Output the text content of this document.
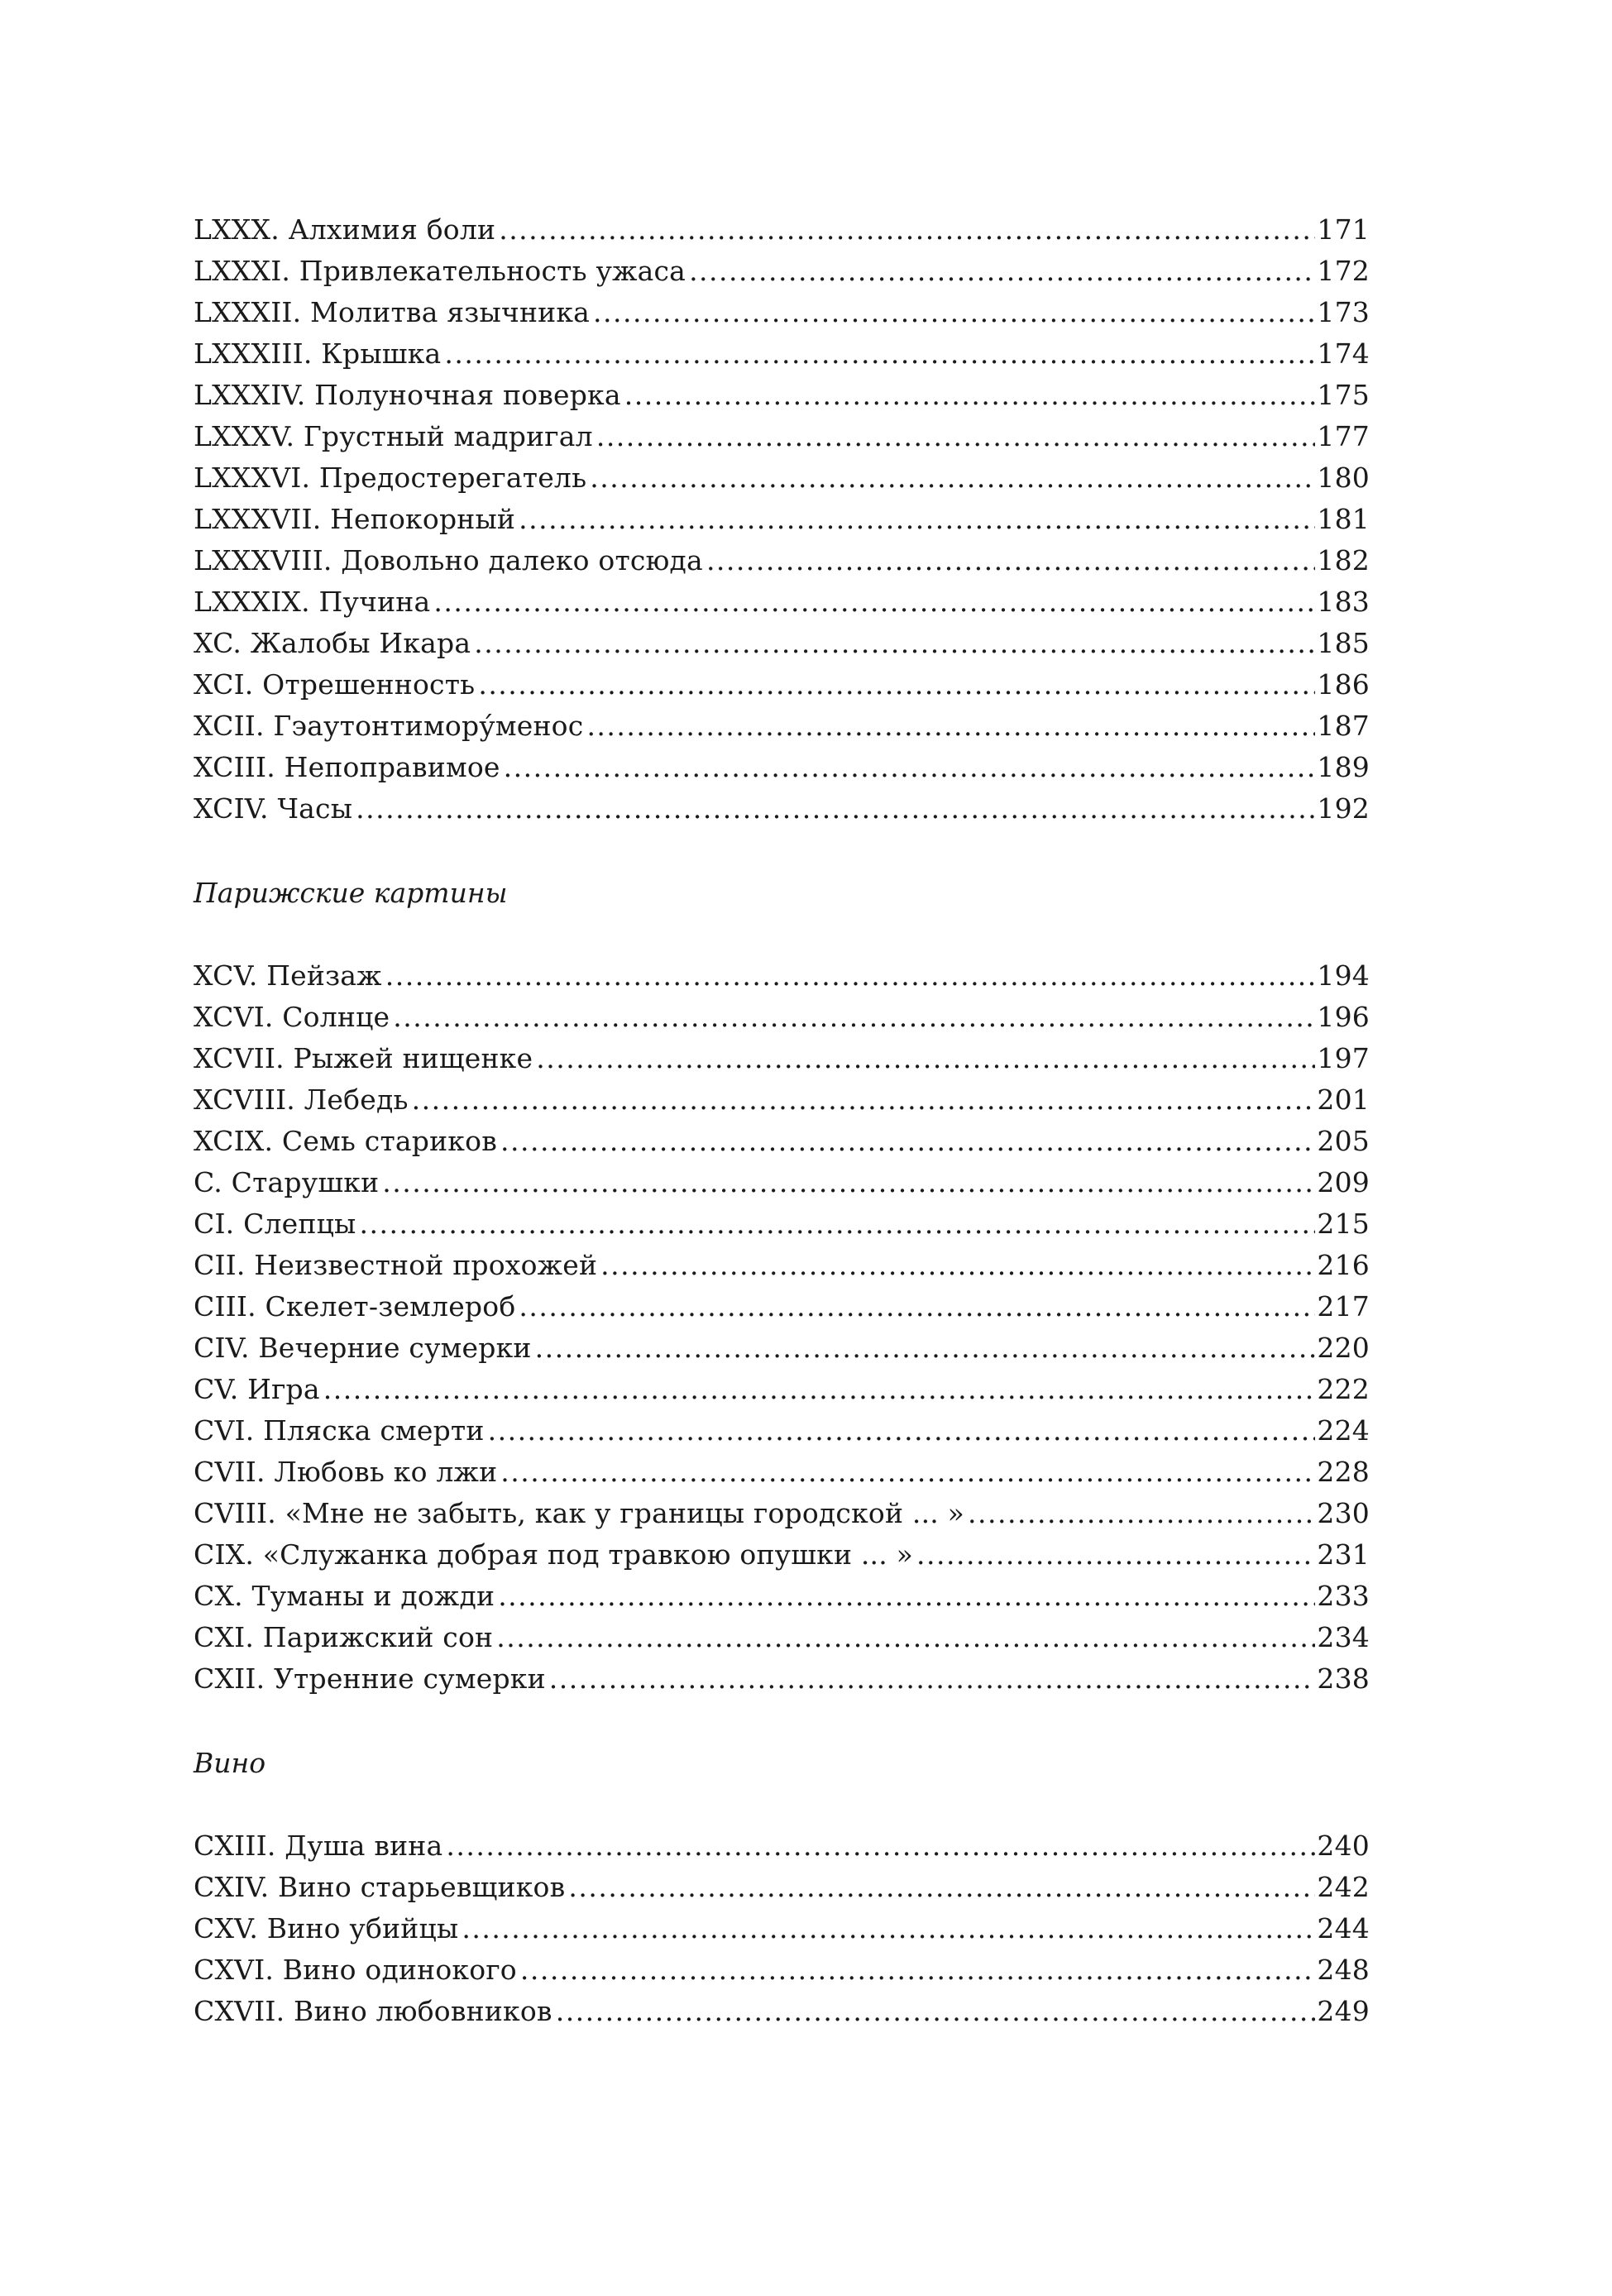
LXXX. Алхимия боли .....	171
LXXXI. Привлекательность ужаса .....	172
LXXXII. Молитва язычника .....	173
LXXXIII. Крышка .....	174
LXXXIV. Полуночная поверка .....	175
LXXXV. Грустный мадригал .....	177
LXXXVI. Предостерегатель .....	180
LXXXVII. Непокорный .....	181
LXXXVIII. Довольно далеко отсюда .....	182
LXXXIX. Пучина .....	183
XC. Жалобы Икара .....	185
XCI. Отрешенность .....	186
XCII. Гэаутонтимору́менос .....	187
XCIII. Непоправимое .....	189
XCIV. Часы .....	192
Парижские картины
XCV. Пейзаж .....	194
XCVI. Солнце .....	196
XCVII. Рыжей нищенке .....	197
XCVIII. Лебедь .....	201
XCIX. Семь стариков .....	205
C. Старушки .....	209
CI. Слепцы .....	215
CII. Неизвестной прохожей .....	216
CIII. Скелет-землероб .....	217
CIV. Вечерние сумерки .....	220
CV. Игра .....	222
CVI. Пляска смерти .....	224
CVII. Любовь ко лжи .....	228
CVIII. «Мне не забыть, как у границы городской ... » .....	230
CIX. «Служанка добрая под травкою опушки ... » .....	231
CX. Туманы и дожди .....	233
CXI. Парижский сон .....	234
CXII. Утренние сумерки .....	238
Вино
CXIII. Душа вина .....	240
CXIV. Вино старьевщиков .....	242
CXV. Вино убийцы .....	244
CXVI. Вино одинокого .....	248
CXVII. Вино любовников .....	249
